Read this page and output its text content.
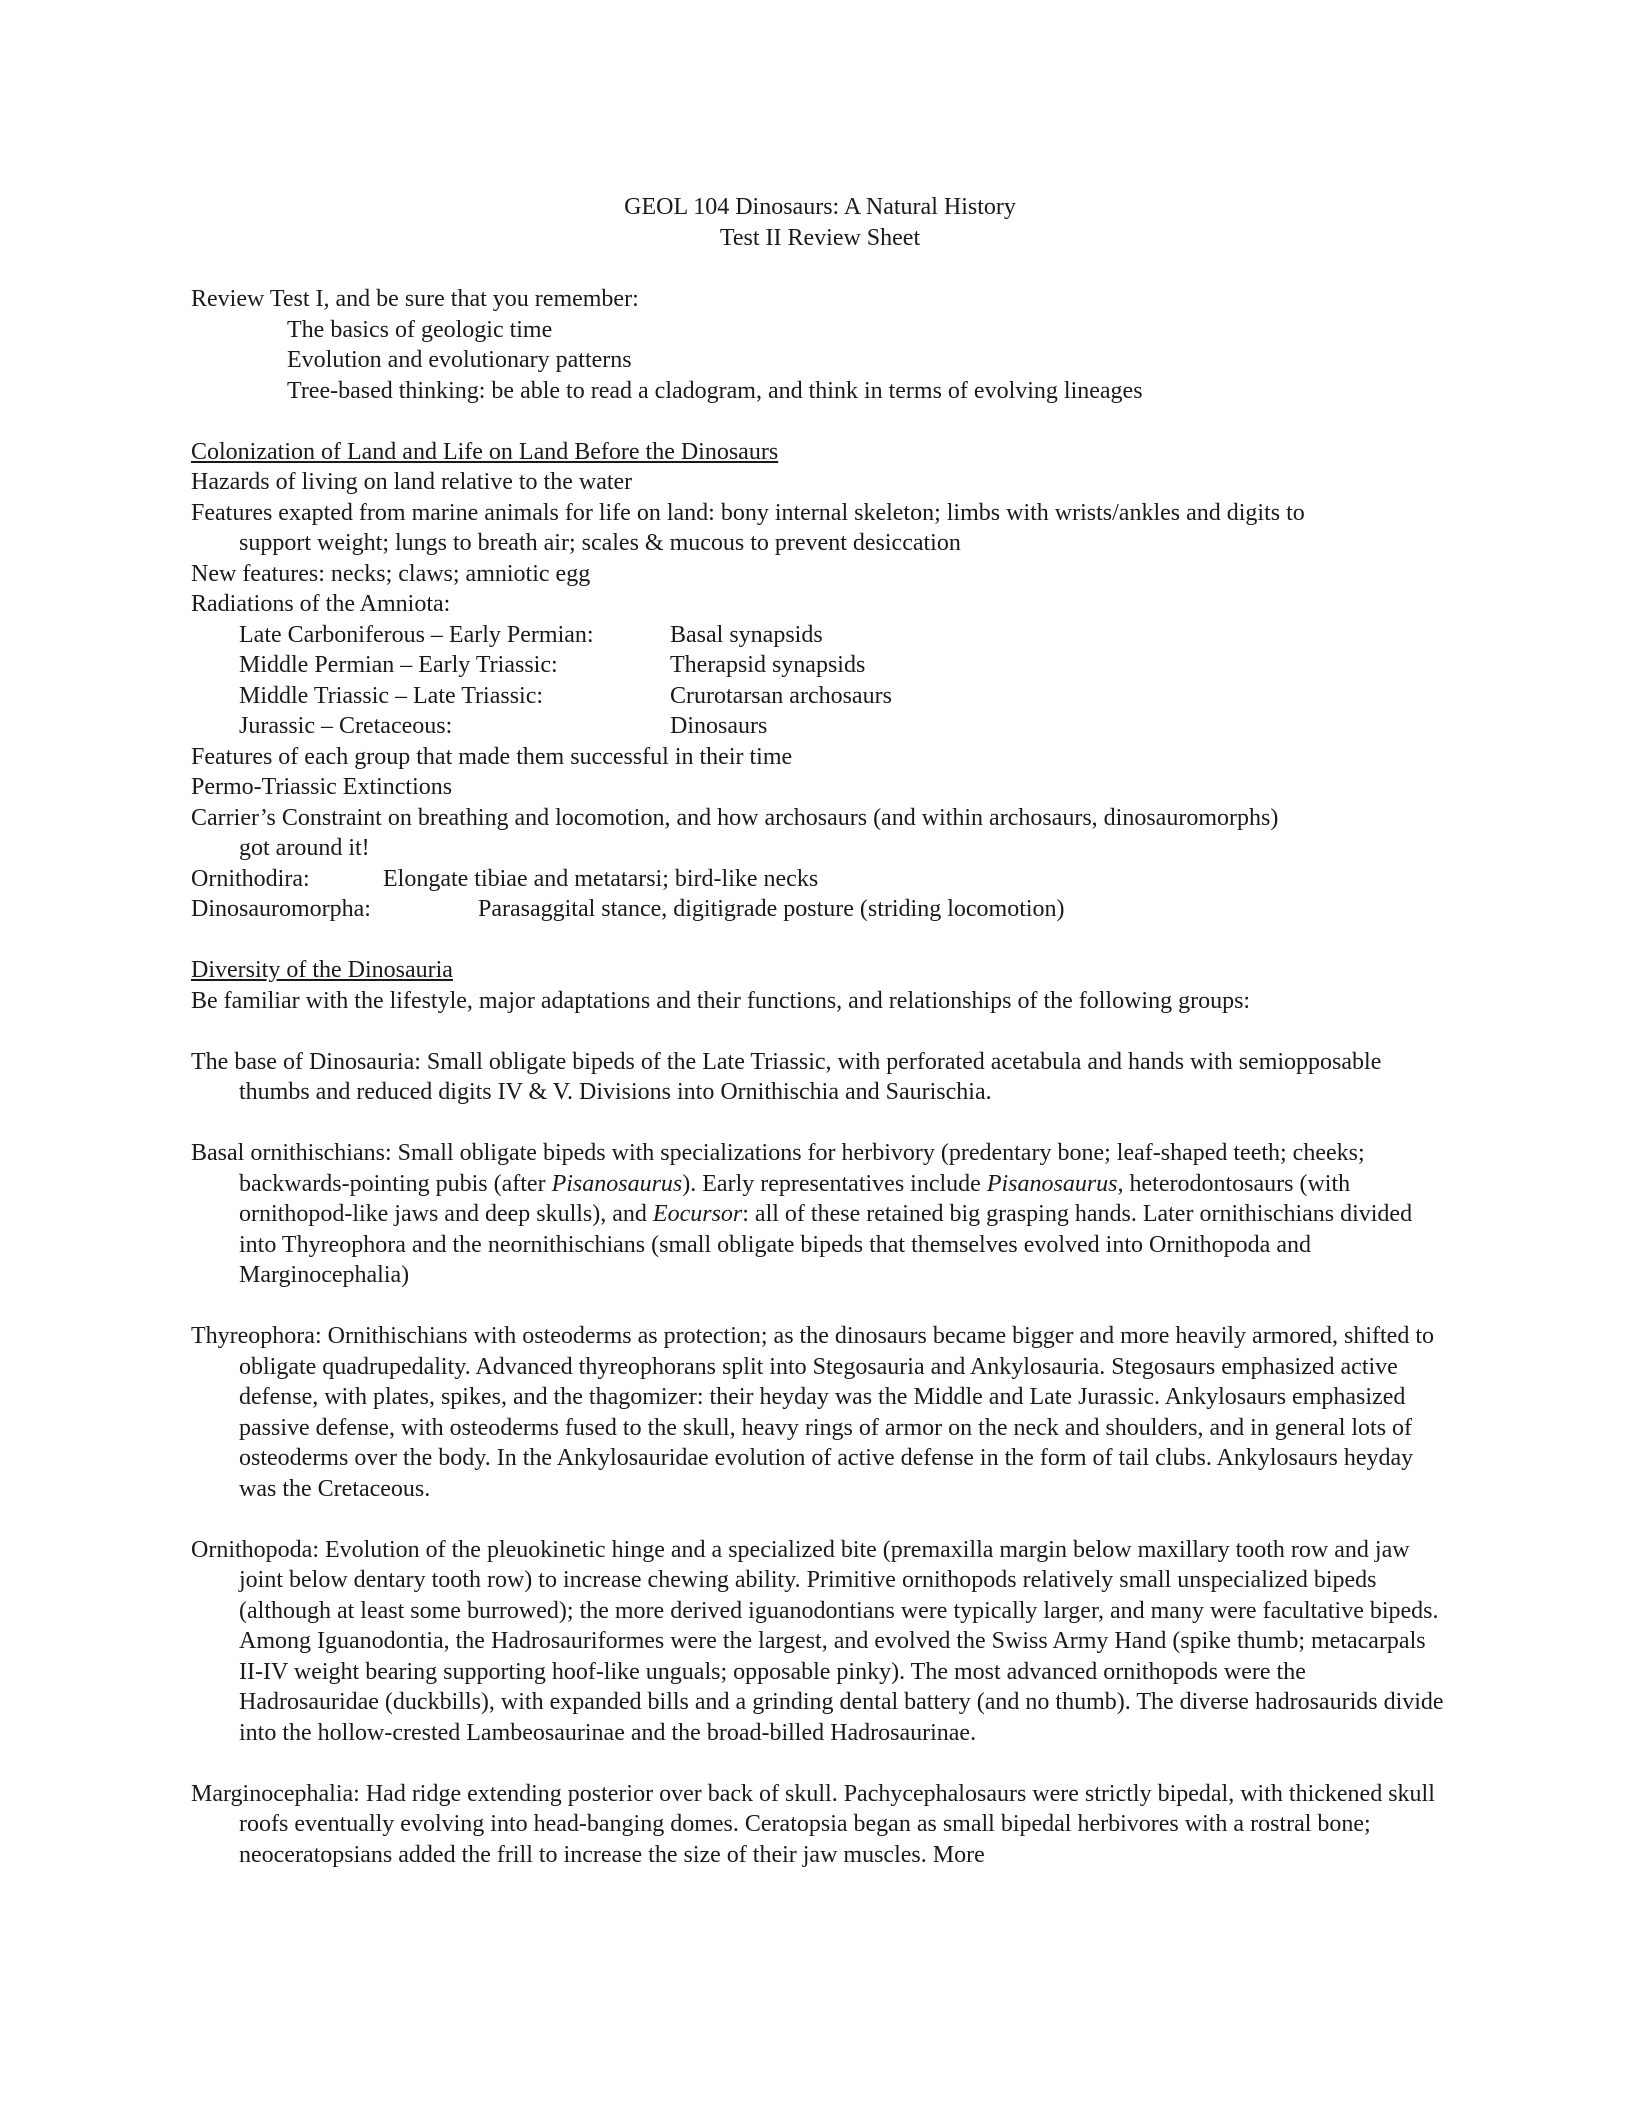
GEOL 104 Dinosaurs: A Natural History
Test II Review Sheet
Review Test I, and be sure that you remember:
The basics of geologic time
Evolution and evolutionary patterns
Tree-based thinking: be able to read a cladogram, and think in terms of evolving lineages
Colonization of Land and Life on Land Before the Dinosaurs
Hazards of living on land relative to the water
Features exapted from marine animals for life on land: bony internal skeleton; limbs with wrists/ankles and digits to
support weight; lungs to breath air; scales & mucous to prevent desiccation
New features: necks; claws; amniotic egg
Radiations of the Amniota:
Late Carboniferous – Early Permian:	Basal synapsids
Middle Permian – Early Triassic:	Therapsid synapsids
Middle Triassic – Late Triassic:	Crurotarsan archosaurs
Jurassic – Cretaceous:	Dinosaurs
Features of each group that made them successful in their time
Permo-Triassic Extinctions
Carrier’s Constraint on breathing and locomotion, and how archosaurs (and within archosaurs, dinosauromorphs)
got around it!
Ornithodira:	Elongate tibiae and metatarsi; bird-like necks
Dinosauromorpha:	Parasaggital stance, digitigrade posture (striding locomotion)
Diversity of the Dinosauria
Be familiar with the lifestyle, major adaptations and their functions, and relationships of the following groups:
The base of Dinosauria: Small obligate bipeds of the Late Triassic, with perforated acetabula and hands with semiopposable thumbs and reduced digits IV & V. Divisions into Ornithischia and Saurischia.
Basal ornithischians: Small obligate bipeds with specializations for herbivory (predentary bone; leaf-shaped teeth; cheeks; backwards-pointing pubis (after Pisanosaurus). Early representatives include Pisanosaurus, heterodontosaurs (with ornithopod-like jaws and deep skulls), and Eocursor: all of these retained big grasping hands. Later ornithischians divided into Thyreophora and the neornithischians (small obligate bipeds that themselves evolved into Ornithopoda and Marginocephalia)
Thyreophora: Ornithischians with osteoderms as protection; as the dinosaurs became bigger and more heavily armored, shifted to obligate quadrupedality. Advanced thyreophorans split into Stegosauria and Ankylosauria. Stegosaurs emphasized active defense, with plates, spikes, and the thagomizer: their heyday was the Middle and Late Jurassic. Ankylosaurs emphasized passive defense, with osteoderms fused to the skull, heavy rings of armor on the neck and shoulders, and in general lots of osteoderms over the body. In the Ankylosauridae evolution of active defense in the form of tail clubs. Ankylosaurs heyday was the Cretaceous.
Ornithopoda: Evolution of the pleuokinetic hinge and a specialized bite (premaxilla margin below maxillary tooth row and jaw joint below dentary tooth row) to increase chewing ability. Primitive ornithopods relatively small unspecialized bipeds (although at least some burrowed); the more derived iguanodontians were typically larger, and many were facultative bipeds. Among Iguanodontia, the Hadrosauriformes were the largest, and evolved the Swiss Army Hand (spike thumb; metacarpals II-IV weight bearing supporting hoof-like unguals; opposable pinky). The most advanced ornithopods were the Hadrosauridae (duckbills), with expanded bills and a grinding dental battery (and no thumb). The diverse hadrosaurids divide into the hollow-crested Lambeosaurinae and the broad-billed Hadrosaurinae.
Marginocephalia: Had ridge extending posterior over back of skull. Pachycephalosaurs were strictly bipedal, with thickened skull roofs eventually evolving into head-banging domes. Ceratopsia began as small bipedal herbivores with a rostral bone; neoceratopsians added the frill to increase the size of their jaw muscles. More
